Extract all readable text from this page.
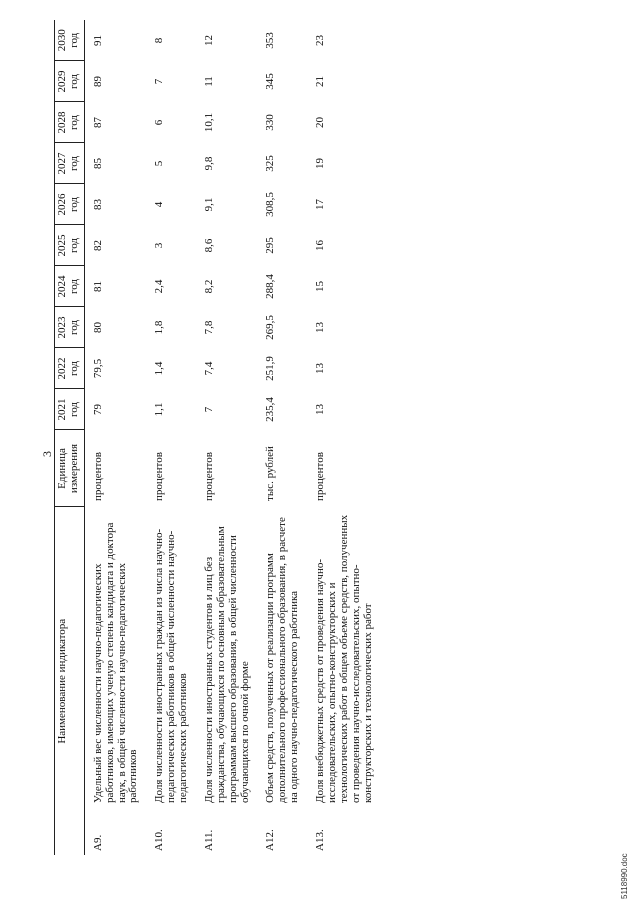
3
Наименование индикатора		Единица измерения	2021 год	2022 год	2023 год	2024 год	2025 год	2026 год	2027 год	2028 год	2029 год	2030 год

А9.	Удельный вес численности научно-педагогических работников, имеющих ученую степень кандидата и доктора наук, в общей численности научно-педагогических работников	процентов	79	79,5	80	81	82	83	85	87	89	91
А10.	Доля численности иностранных граждан из числа научно-педагогических работников в общей численности научно-педагогических работников	процентов	1,1	1,4	1,8	2,4	3	4	5	6	7	8
А11.	Доля численности иностранных студентов и лиц без гражданства, обучающихся по основным образовательным программам высшего образования, в общей численности обучающихся по очной форме	процентов	7	7,4	7,8	8,2	8,6	9,1	9,8	10,1	11	12
А12.	Объем средств, полученных от реализации программ дополнительного профессионального образования, в расчете на одного научно-педагогического работника	тыс. рублей	235,4	251,9	269,5	288,4	295	308,5	325	330	345	353
А13.	Доля внебюджетных средств от проведения научно-исследовательских, опытно-конструкторских и технологических работ в общем объеме средств, полученных от проведения научно-исследовательских, опытно-конструкторских и технологических работ	процентов	13	13	13	15	16	17	19	20	21	23
5118990.doc
